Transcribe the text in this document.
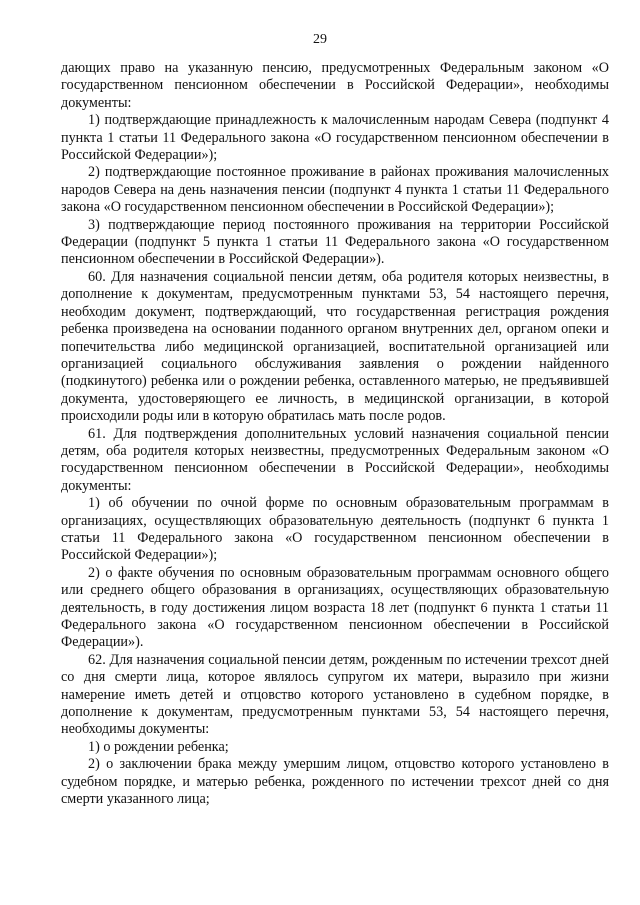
29

дающих право на указанную пенсию, предусмотренных Федеральным законом «О государственном пенсионном обеспечении в Российской Федерации», необходимы документы:

1) подтверждающие принадлежность к малочисленным народам Севера (подпункт 4 пункта 1 статьи 11 Федерального закона «О государственном пенсионном обеспечении в Российской Федерации»);

2) подтверждающие постоянное проживание в районах проживания малочисленных народов Севера на день назначения пенсии (подпункт 4 пункта 1 статьи 11 Федерального закона «О государственном пенсионном обеспечении в Российской Федерации»);

3) подтверждающие период постоянного проживания на территории Российской Федерации (подпункт 5 пункта 1 статьи 11 Федерального закона «О государственном пенсионном обеспечении в Российской Федерации»).

60. Для назначения социальной пенсии детям, оба родителя которых неизвестны, в дополнение к документам, предусмотренным пунктами 53, 54 настоящего перечня, необходим документ, подтверждающий, что государственная регистрация рождения ребенка произведена на основании поданного органом внутренних дел, органом опеки и попечительства либо медицинской организацией, воспитательной организацией или организацией социального обслуживания заявления о рождении найденного (подкинутого) ребенка или о рождении ребенка, оставленного матерью, не предъявившей документа, удостоверяющего ее личность, в медицинской организации, в которой происходили роды или в которую обратилась мать после родов.

61. Для подтверждения дополнительных условий назначения социальной пенсии детям, оба родителя которых неизвестны, предусмотренных Федеральным законом «О государственном пенсионном обеспечении в Российской Федерации», необходимы документы:

1) об обучении по очной форме по основным образовательным программам в организациях, осуществляющих образовательную деятельность (подпункт 6 пункта 1 статьи 11 Федерального закона «О государственном пенсионном обеспечении в Российской Федерации»);

2) о факте обучения по основным образовательным программам основного общего или среднего общего образования в организациях, осуществляющих образовательную деятельность, в году достижения лицом возраста 18 лет (подпункт 6 пункта 1 статьи 11 Федерального закона «О государственном пенсионном обеспечении в Российской Федерации»).

62. Для назначения социальной пенсии детям, рожденным по истечении трехсот дней со дня смерти лица, которое являлось супругом их матери, выразило при жизни намерение иметь детей и отцовство которого установлено в судебном порядке, в дополнение к документам, предусмотренным пунктами 53, 54 настоящего перечня, необходимы документы:

1) о рождении ребенка;

2) о заключении брака между умершим лицом, отцовство которого установлено в судебном порядке, и матерью ребенка, рожденного по истечении трехсот дней со дня смерти указанного лица;
